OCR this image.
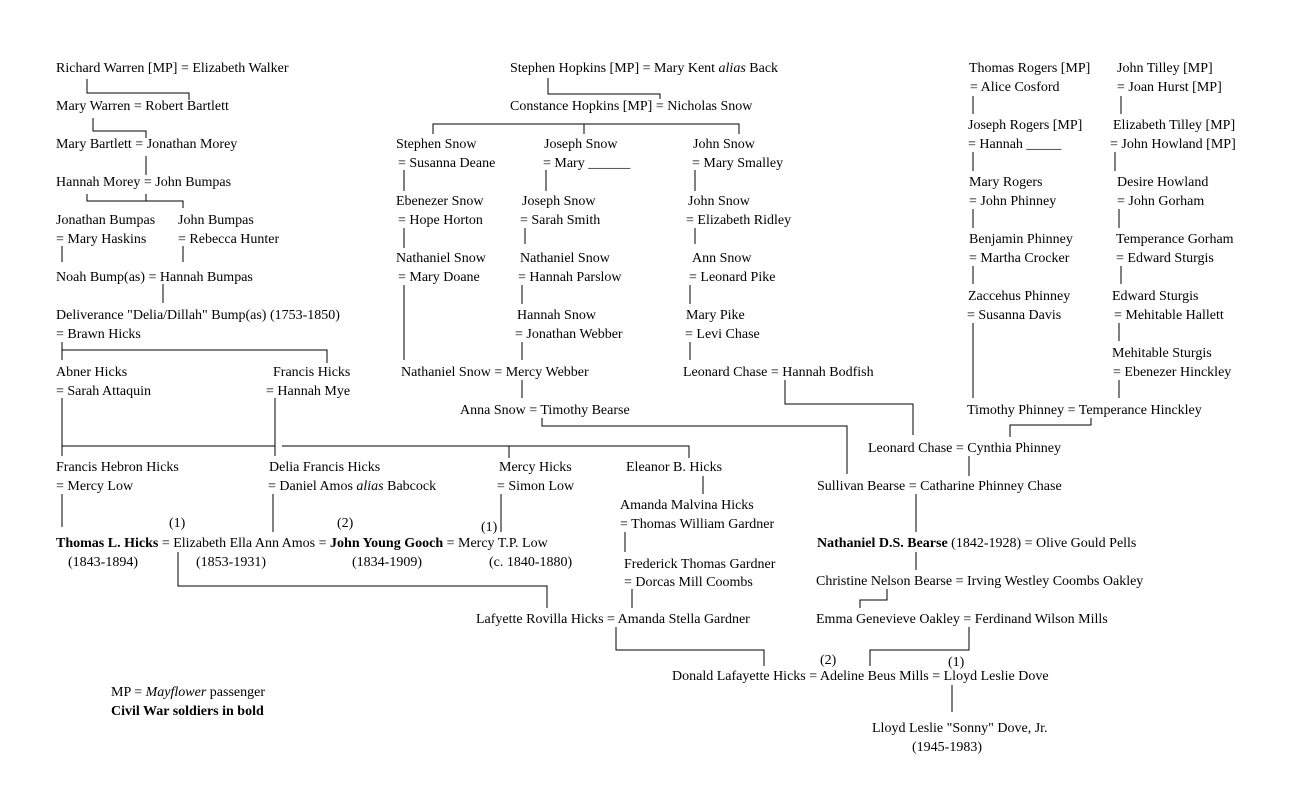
Richard Warren [MP] = Elizabeth Walker
Mary Warren = Robert Bartlett
Mary Bartlett = Jonathan Morey
Hannah Morey = John Bumpas
Jonathan Bumpas
= Mary Haskins
John Bumpas
= Rebecca Hunter
Noah Bump(as) = Hannah Bumpas
Deliverance "Delia/Dillah" Bump(as) (1753-1850)
= Brawn Hicks
Abner Hicks
= Sarah Attaquin
Francis Hicks
= Hannah Mye
Stephen Hopkins [MP] = Mary Kent alias Back
Constance Hopkins [MP] = Nicholas Snow
Stephen Snow
= Susanna Deane
Joseph Snow
= Mary ______
John Snow
= Mary Smalley
Ebenezer Snow
= Hope Horton
Joseph Snow
= Sarah Smith
John Snow
= Elizabeth Ridley
Nathaniel Snow
= Mary Doane
Nathaniel Snow
= Hannah Parslow
Ann Snow
= Leonard Pike
Hannah Snow
= Jonathan Webber
Mary Pike
= Levi Chase
Nathaniel Snow = Mercy Webber	Leonard Chase = Hannah Bodfish
Anna Snow = Timothy Bearse
Thomas Rogers [MP]
= Alice Cosford
John Tilley [MP]
= Joan Hurst [MP]
Joseph Rogers [MP]
= Hannah _____
Elizabeth Tilley [MP]
= John Howland [MP]
Mary Rogers
= John Phinney
Desire Howland
= John Gorham
Benjamin Phinney
= Martha Crocker
Temperance Gorham
= Edward Sturgis
Zaccehus Phinney
= Susanna Davis
Edward Sturgis
= Mehitable Hallett
Mehitable Sturgis
= Ebenezer Hinckley
Timothy Phinney = Temperance Hinckley
Leonard Chase = Cynthia Phinney
Francis Hebron Hicks
= Mercy Low
Delia Francis Hicks
= Daniel Amos alias Babcock
Mercy Hicks
= Simon Low
Eleanor B. Hicks
Amanda Malvina Hicks
= Thomas William Gardner
Frederick Thomas Gardner
= Dorcas Mill Coombs
Sullivan Bearse = Catharine Phinney Chase
(1)	(2)	(1)
Thomas L. Hicks = Elizabeth Ella Ann Amos = John Young Gooch = Mercy T.P. Low
(1843-1894)	(1853-1931)	(1834-1909)	(c. 1840-1880)
Nathaniel D.S. Bearse (1842-1928) = Olive Gould Pells
Christine Nelson Bearse = Irving Westley Coombs Oakley
Emma Genevieve Oakley = Ferdinand Wilson Mills
Lafyette Rovilla Hicks = Amanda Stella Gardner
(2)	(1)
Donald Lafayette Hicks = Adeline Beus Mills = Lloyd Leslie Dove
Lloyd Leslie "Sonny" Dove, Jr.
(1945-1983)
MP = Mayflower passenger
Civil War soldiers in bold
